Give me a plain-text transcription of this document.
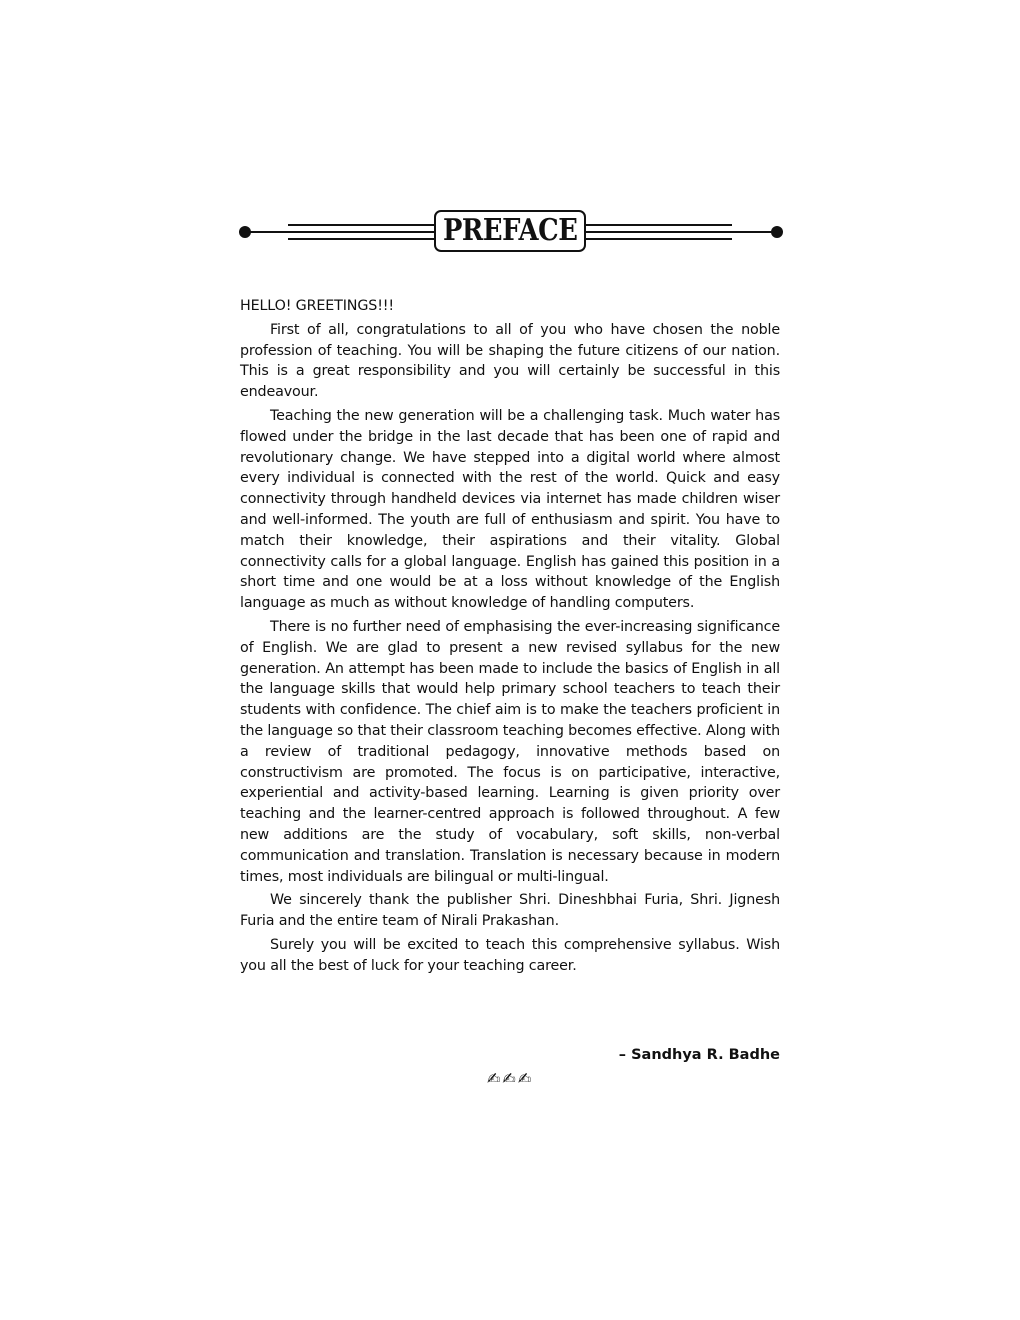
PREFACE

HELLO! GREETINGS!!!

First of all, congratulations to all of you who have chosen the noble profession of teaching. You will be shaping the future citizens of our nation. This is a great responsibility and you will certainly be successful in this endeavour.

Teaching the new generation will be a challenging task. Much water has flowed under the bridge in the last decade that has been one of rapid and revolutionary change. We have stepped into a digital world where almost every individual is connected with the rest of the world. Quick and easy connectivity through handheld devices via internet has made children wiser and well-informed. The youth are full of enthusiasm and spirit. You have to match their knowledge, their aspirations and their vitality. Global connectivity calls for a global language. English has gained this position in a short time and one would be at a loss without knowledge of the English language as much as without knowledge of handling computers.

There is no further need of emphasising the ever-increasing significance of English. We are glad to present a new revised syllabus for the new generation. An attempt has been made to include the basics of English in all the language skills that would help primary school teachers to teach their students with confidence. The chief aim is to make the teachers proficient in the language so that their classroom teaching becomes effective. Along with a review of traditional pedagogy, innovative methods based on constructivism are promoted. The focus is on participative, interactive, experiential and activity-based learning. Learning is given priority over teaching and the learner-centred approach is followed throughout. A few new additions are the study of vocabulary, soft skills, non-verbal communication and translation. Translation is necessary because in modern times, most individuals are bilingual or multi-lingual.

We sincerely thank the publisher Shri. Dineshbhai Furia, Shri. Jignesh Furia and the entire team of Nirali Prakashan.

Surely you will be excited to teach this comprehensive syllabus. Wish you all the best of luck for your teaching career.

– Sandhya R. Badhe
✍✍✍
